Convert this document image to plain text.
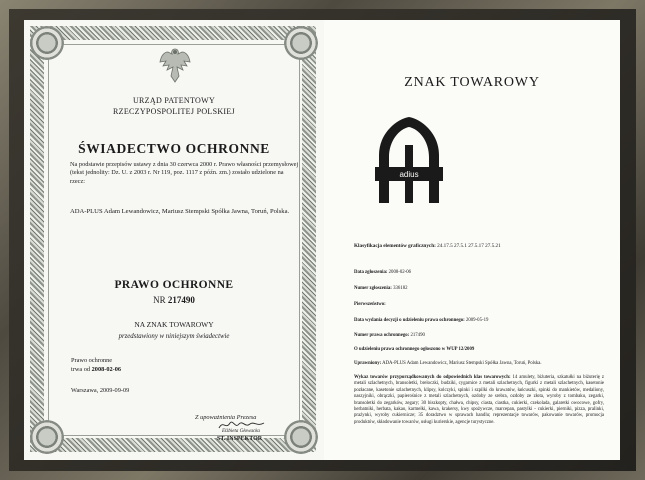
URZĄD PATENTOWY
RZECZYPOSPOLITEJ POLSKIEJ
ŚWIADECTWO OCHRONNE
Na podstawie przepisów ustawy z dnia 30 czerwca 2000 r. Prawo własności przemysłowej (tekst jednolity: Dz. U. z 2003 r. Nr 119, poz. 1117 z późn. zm.) zostało udzielone na rzecz:
ADA-PLUS Adam Lewandowicz, Mariusz Stempski Spółka Jawna, Toruń, Polska.
PRAWO OCHRONNE
NR 217490
NA ZNAK TOWAROWY
przedstawiony w niniejszym świadectwie
Prawo ochronne
trwa od 2008-02-06
Warszawa, 2009-09-09
Z upoważnienia Prezesa
Elżbieta Głowacka
ST. INSPEKTOR
ZNAK TOWAROWY
adius
Klasyfikacja elementów graficznych: 24.17.5 27.5.1 27.5.17 27.5.21
Data zgłoszenia: 2008-02-06
Numer zgłoszenia: 336182
Pierwszeństwo:
Data wydania decyzji o udzieleniu prawa ochronnego: 2009-05-19
Numer prawa ochronnego: 217490
O udzieleniu prawa ochronnego ogłoszono w WUP 12/2009
Uprawniony: ADA-PLUS Adam Lewandowicz, Mariusz Stempski Spółka Jawna, Toruń, Polska.
Wykaz towarów przyporządkowanych do odpowiednich klas towarowych: 14 amulety, biżuteria, szkatułki na biżuterię z metali szlachetnych, bransoletki, breloczki, budziki, cygarnice z metali szlachetnych, figurki z metali szlachetnych, kasetonie pozłacane, kasetonie szlachetnych, klipsy, kolczyki, spinki i szpilki do krawatów, łańcuszki, spinki do mankietów, medaliony, naszyjniki, obrączki, papierośnice z metali szlachetnych, ozdoby ze srebra, ozdoby ze złota, wyroby z tombaku, zegarki, bransoletki do zegarków, zegary; 30 biszkopty, chałwa, chipsy, ciasta, ciastka, cukierki, czekolada, galaretki owocowe, gofry, herbatniki, herbata, kakao, karmelki, kawa, krakersy, kwy spożywcze, marcepan, pastylki - cukierki, pierniki, pizza, pralinki, prażynki, wyroby cukiernicze; 35 doradztwo w sprawach handlu; reprezentacje towarów, pakowanie towarów, promocja produktów, składowanie towarów, usługi kurierskie, agencje turystyczne.
